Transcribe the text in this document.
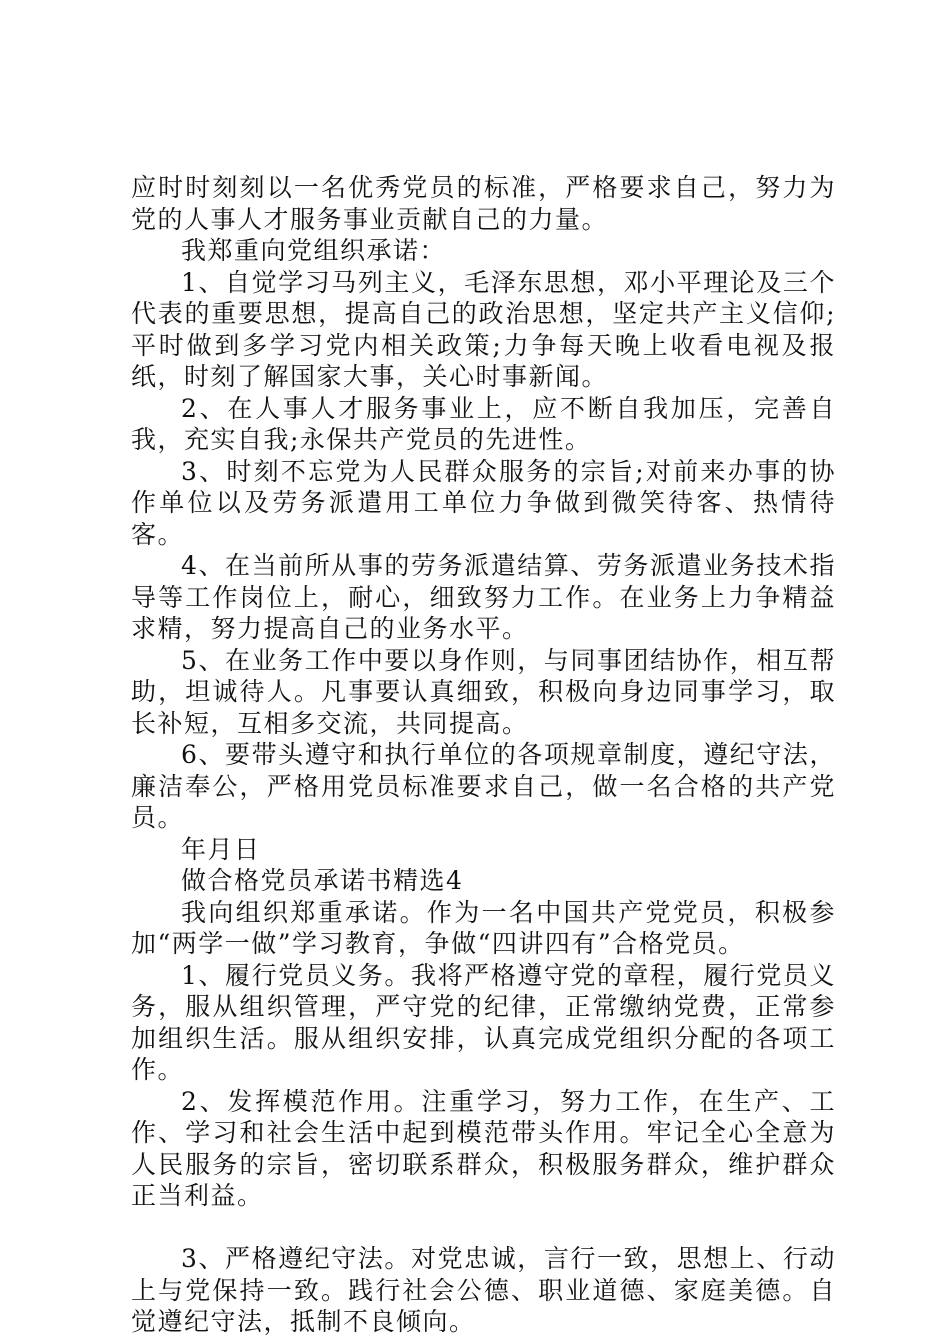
应时时刻刻以一名优秀党员的标准，严格要求自己，努力为党的人事人才服务事业贡献自己的力量。

我郑重向党组织承诺：

1、自觉学习马列主义，毛泽东思想，邓小平理论及三个代表的重要思想，提高自己的政治思想，坚定共产主义信仰;平时做到多学习党内相关政策;力争每天晚上收看电视及报纸，时刻了解国家大事，关心时事新闻。

2、在人事人才服务事业上，应不断自我加压，完善自我，充实自我;永保共产党员的先进性。

3、时刻不忘党为人民群众服务的宗旨;对前来办事的协作单位以及劳务派遣用工单位力争做到微笑待客、热情待客。

4、在当前所从事的劳务派遣结算、劳务派遣业务技术指导等工作岗位上，耐心，细致努力工作。在业务上力争精益求精，努力提高自己的业务水平。

5、在业务工作中要以身作则，与同事团结协作，相互帮助，坦诚待人。凡事要认真细致，积极向身边同事学习，取长补短，互相多交流，共同提高。

6、要带头遵守和执行单位的各项规章制度，遵纪守法，廉洁奉公，严格用党员标准要求自己，做一名合格的共产党员。

年月日

做合格党员承诺书精选4

我向组织郑重承诺。作为一名中国共产党党员，积极参加“两学一做”学习教育，争做“四讲四有”合格党员。

1、履行党员义务。我将严格遵守党的章程，履行党员义务，服从组织管理，严守党的纪律，正常缴纳党费，正常参加组织生活。服从组织安排，认真完成党组织分配的各项工作。

2、发挥模范作用。注重学习，努力工作，在生产、工作、学习和社会生活中起到模范带头作用。牢记全心全意为人民服务的宗旨，密切联系群众，积极服务群众，维护群众正当利益。

3、严格遵纪守法。对党忠诚，言行一致，思想上、行动上与党保持一致。践行社会公德、职业道德、家庭美德。自觉遵纪守法，抵制不良倾向。
